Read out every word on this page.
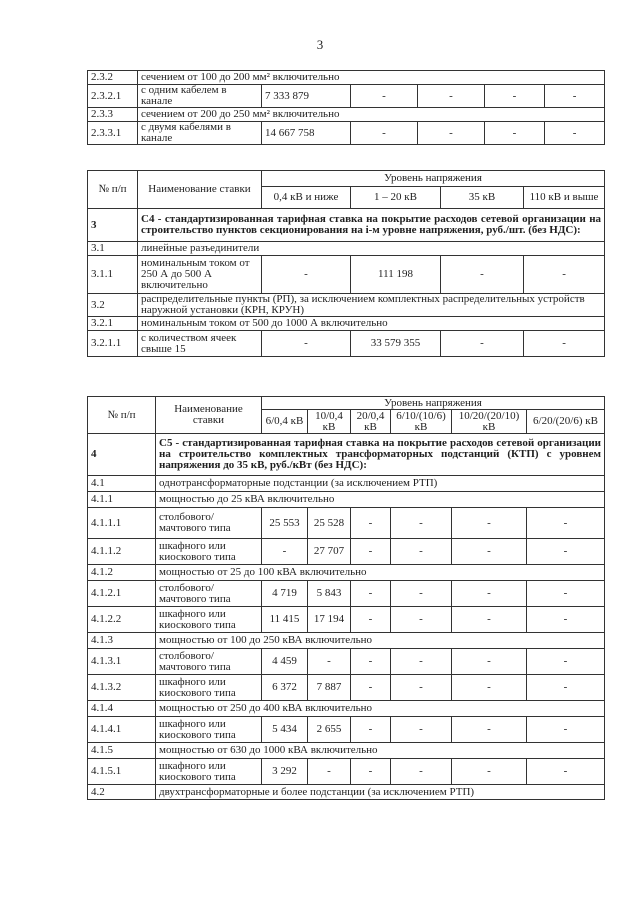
3
2.3.2	сечением от 100 до 200 мм² включительно					
2.3.2.1	с одним кабелем в канале	7 333 879	-	-	-	-
2.3.3	сечением от 200 до 250 мм² включительно					
2.3.3.1	с двумя кабелями в канале	14 667 758	-	-	-	-
№ п/п	Наименование ставки	Уровень напряжения			
		0,4 кВ и ниже	1 – 20 кВ	35 кВ	110 кВ и выше
3	С4 - стандартизированная тарифная ставка на покрытие расходов сетевой организации на строительство пунктов секционирования на i-м уровне напряжения, руб./шт. (без НДС):				
3.1	линейные разъединители				
3.1.1	номинальным током от 250 А до 500 А включительно	-	111 198	-	-
3.2	распределительные пункты (РП), за исключением комплектных распределительных устройств наружной установки (КРН, КРУН)				
3.2.1	номинальным током от 500 до 1000 А включительно				
3.2.1.1	с количеством ячеек свыше 15	-	33 579 355	-	-
№ п/п	Наименование ставки	Уровень напряжения					
		6/0,4 кВ	10/0,4 кВ	20/0,4 кВ	6/10/(10/6) кВ	10/20/(20/10) кВ	6/20/(20/6) кВ
4	С5 - стандартизированная тарифная ставка на покрытие расходов сетевой организации на строительство комплектных трансформаторных подстанций (КТП) с уровнем напряжения до 35 кВ, руб./кВт (без НДС):						
4.1	однотрансформаторные подстанции (за исключением РТП)						
4.1.1	мощностью до 25 кВА включительно						
4.1.1.1	столбового/ мачтового типа	25 553	25 528	-	-	-	-
4.1.1.2	шкафного или киоскового типа	-	27 707	-	-	-	-
4.1.2	мощностью от 25 до 100 кВА включительно						
4.1.2.1	столбового/ мачтового типа	4 719	5 843	-	-	-	-
4.1.2.2	шкафного или киоскового типа	11 415	17 194	-	-	-	-
4.1.3	мощностью от 100 до 250 кВА включительно						
4.1.3.1	столбового/ мачтового типа	4 459	-	-	-	-	-
4.1.3.2	шкафного или киоскового типа	6 372	7 887	-	-	-	-
4.1.4	мощностью от 250 до 400 кВА включительно						
4.1.4.1	шкафного или киоскового типа	5 434	2 655	-	-	-	-
4.1.5	мощностью от 630 до 1000 кВА включительно						
4.1.5.1	шкафного или киоскового типа	3 292	-	-	-	-	-
4.2	двухтрансформаторные и более подстанции (за исключением РТП)						
